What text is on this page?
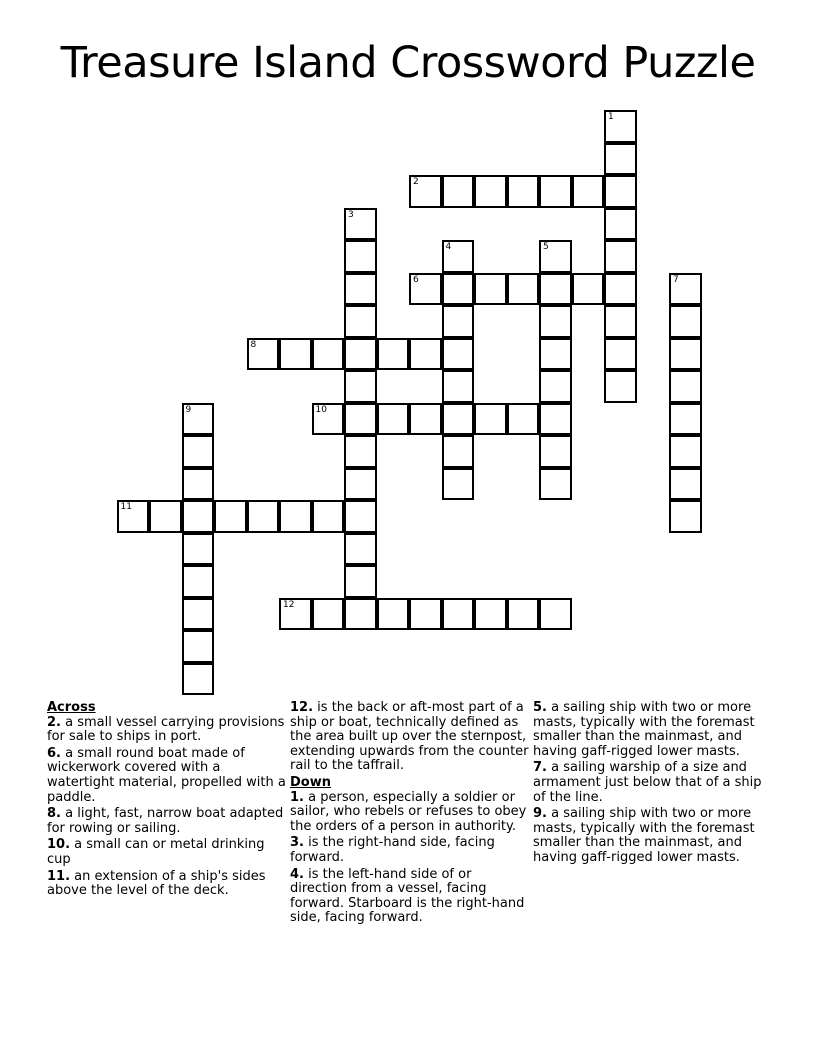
Treasure Island Crossword Puzzle
1
2
3
4	5
6	7
8
9	10
11
12
Across

2. a small vessel carrying provisions for sale to ships in port.

6. a small round boat made of wickerwork covered with a watertight material, propelled with a paddle.

8. a light, fast, narrow boat adapted for rowing or sailing.

10. a small can or metal drinking cup

11. an extension of a ship's sides above the level of the deck.

12. is the back or aft-most part of a ship or boat, technically defined as the area built up over the sternpost, extending upwards from the counter rail to the taffrail.

Down

1. a person, especially a soldier or sailor, who rebels or refuses to obey the orders of a person in authority.

3. is the right-hand side, facing forward.

4. is the left-hand side of or direction from a vessel, facing forward. Starboard is the right-hand side, facing forward.

5. a sailing ship with two or more masts, typically with the foremast smaller than the mainmast, and having gaff-rigged lower masts.

7. a sailing warship of a size and armament just below that of a ship of the line.

9. a sailing ship with two or more masts, typically with the foremast smaller than the mainmast, and having gaff-rigged lower masts.
